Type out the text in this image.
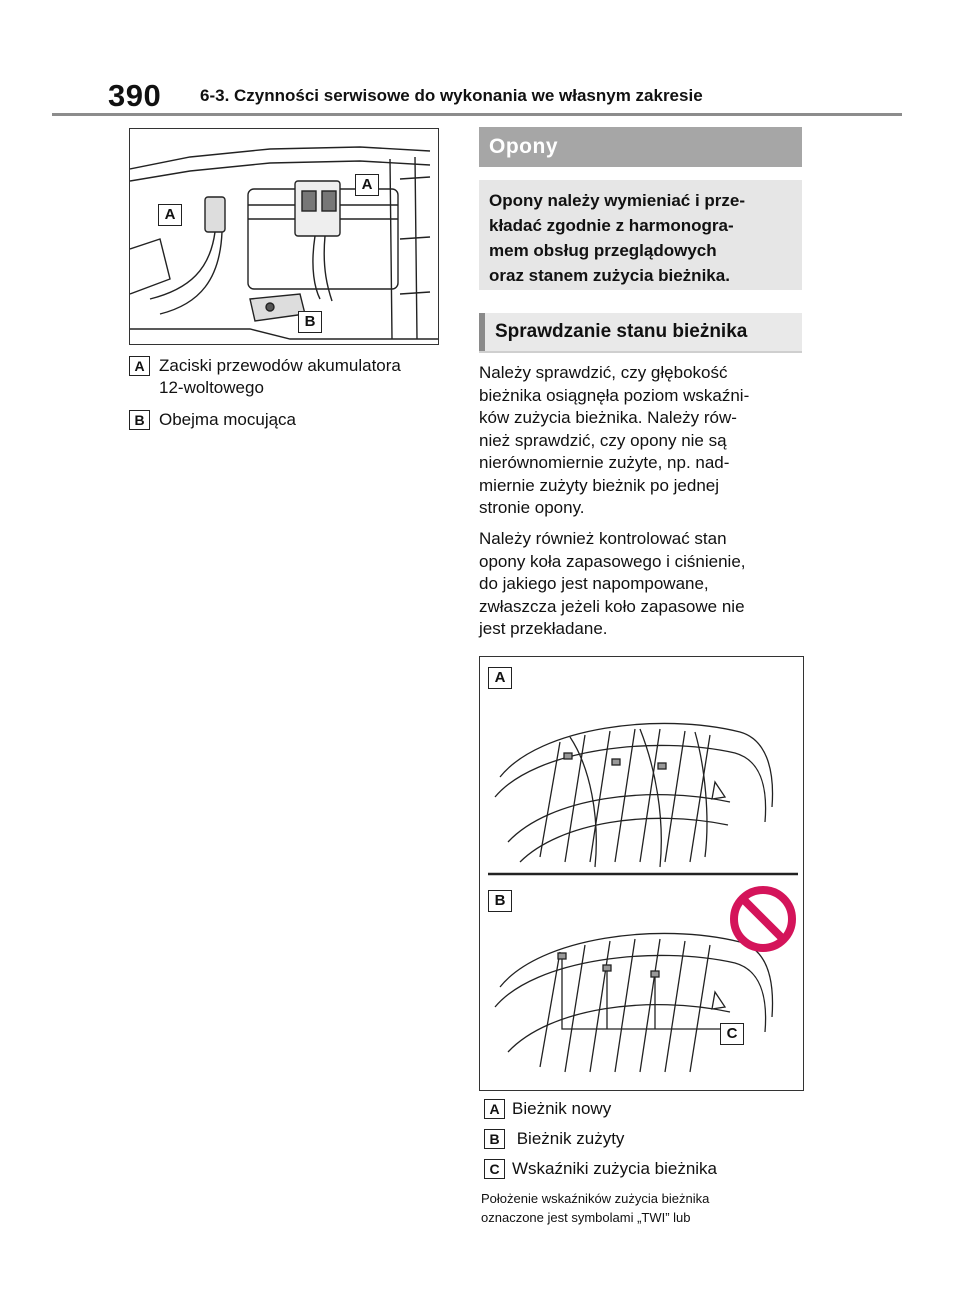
390 6-3. Czynności serwisowe do wykonania we własnym zakresie
A
A
B
A Zaciski przewodów akumulatora
12-woltowego
B Obejma mocująca
Opony
Opony należy wymieniać i prze-
kładać zgodnie z harmonogra-
mem obsług przeglądowych
oraz stanem zużycia bieżnika.
Sprawdzanie stanu bieżnika
Należy sprawdzić, czy głębokość
bieżnika osiągnęła poziom wskaźni-
ków zużycia bieżnika. Należy rów-
nież sprawdzić, czy opony nie są
nierównomiernie zużyte, np. nad-
miernie zużyty bieżnik po jednej
stronie opony.
Należy również kontrolować stan
opony koła zapasowego i ciśnienie,
do jakiego jest napompowane,
zwłaszcza jeżeli koło zapasowe nie
jest przekładane.
A
B
C
A Bieżnik nowy
B Bieżnik zużyty
C Wskaźniki zużycia bieżnika
Położenie wskaźników zużycia bieżnika
oznaczone jest symbolami „TWI” lub
